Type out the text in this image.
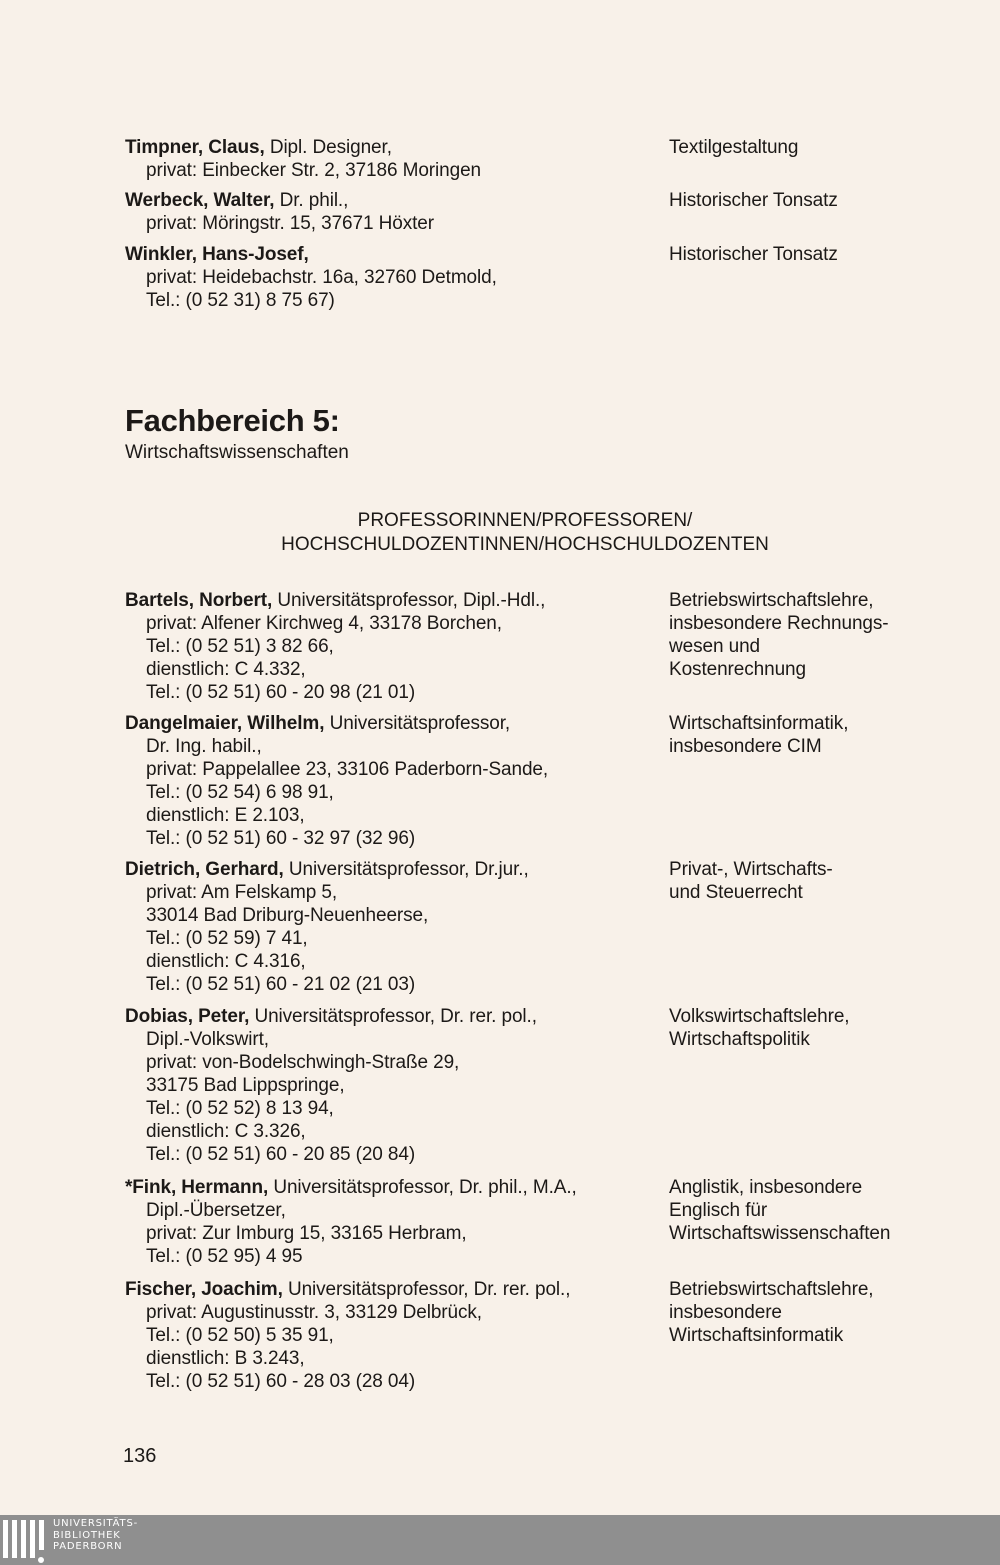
Timpner, Claus, Dipl. Designer,
privat: Einbecker Str. 2, 37186 Moringen
Textilgestaltung
Werbeck, Walter, Dr. phil.,
privat: Möringstr. 15, 37671 Höxter
Historischer Tonsatz
Winkler, Hans-Josef,
privat: Heidebachstr. 16a, 32760 Detmold,
Tel.: (0 52 31) 8 75 67)
Historischer Tonsatz
Fachbereich 5:
Wirtschaftswissenschaften
PROFESSORINNEN/PROFESSOREN/
HOCHSCHULDOZENTINNEN/HOCHSCHULDOZENTEN
Bartels, Norbert, Universitätsprofessor, Dipl.-Hdl.,
privat: Alfener Kirchweg 4, 33178 Borchen,
Tel.: (0 52 51) 3 82 66,
dienstlich: C 4.332,
Tel.: (0 52 51) 60 - 20 98 (21 01)
Betriebswirtschaftslehre,
insbesondere Rechnungs-
wesen und
Kostenrechnung
Dangelmaier, Wilhelm, Universitätsprofessor,
Dr. Ing. habil.,
privat: Pappelallee 23, 33106 Paderborn-Sande,
Tel.: (0 52 54) 6 98 91,
dienstlich: E 2.103,
Tel.: (0 52 51) 60 - 32 97 (32 96)
Wirtschaftsinformatik,
insbesondere CIM
Dietrich, Gerhard, Universitätsprofessor, Dr.jur.,
privat: Am Felskamp 5,
33014 Bad Driburg-Neuenheerse,
Tel.: (0 52 59) 7 41,
dienstlich: C 4.316,
Tel.: (0 52 51) 60 - 21 02 (21 03)
Privat-, Wirtschafts-
und Steuerrecht
Dobias, Peter, Universitätsprofessor, Dr. rer. pol.,
Dipl.-Volkswirt,
privat: von-Bodelschwingh-Straße 29,
33175 Bad Lippspringe,
Tel.: (0 52 52) 8 13 94,
dienstlich: C 3.326,
Tel.: (0 52 51) 60 - 20 85 (20 84)
Volkswirtschaftslehre,
Wirtschaftspolitik
*Fink, Hermann, Universitätsprofessor, Dr. phil., M.A.,
Dipl.-Übersetzer,
privat: Zur Imburg 15, 33165 Herbram,
Tel.: (0 52 95) 4 95
Anglistik, insbesondere
Englisch für
Wirtschaftswissenschaften
Fischer, Joachim, Universitätsprofessor, Dr. rer. pol.,
privat: Augustinusstr. 3, 33129 Delbrück,
Tel.: (0 52 50) 5 35 91,
dienstlich: B 3.243,
Tel.: (0 52 51) 60 - 28 03 (28 04)
Betriebswirtschaftslehre,
insbesondere
Wirtschaftsinformatik
136
UNIVERSITÄTS-
BIBLIOTHEK
PADERBORN
